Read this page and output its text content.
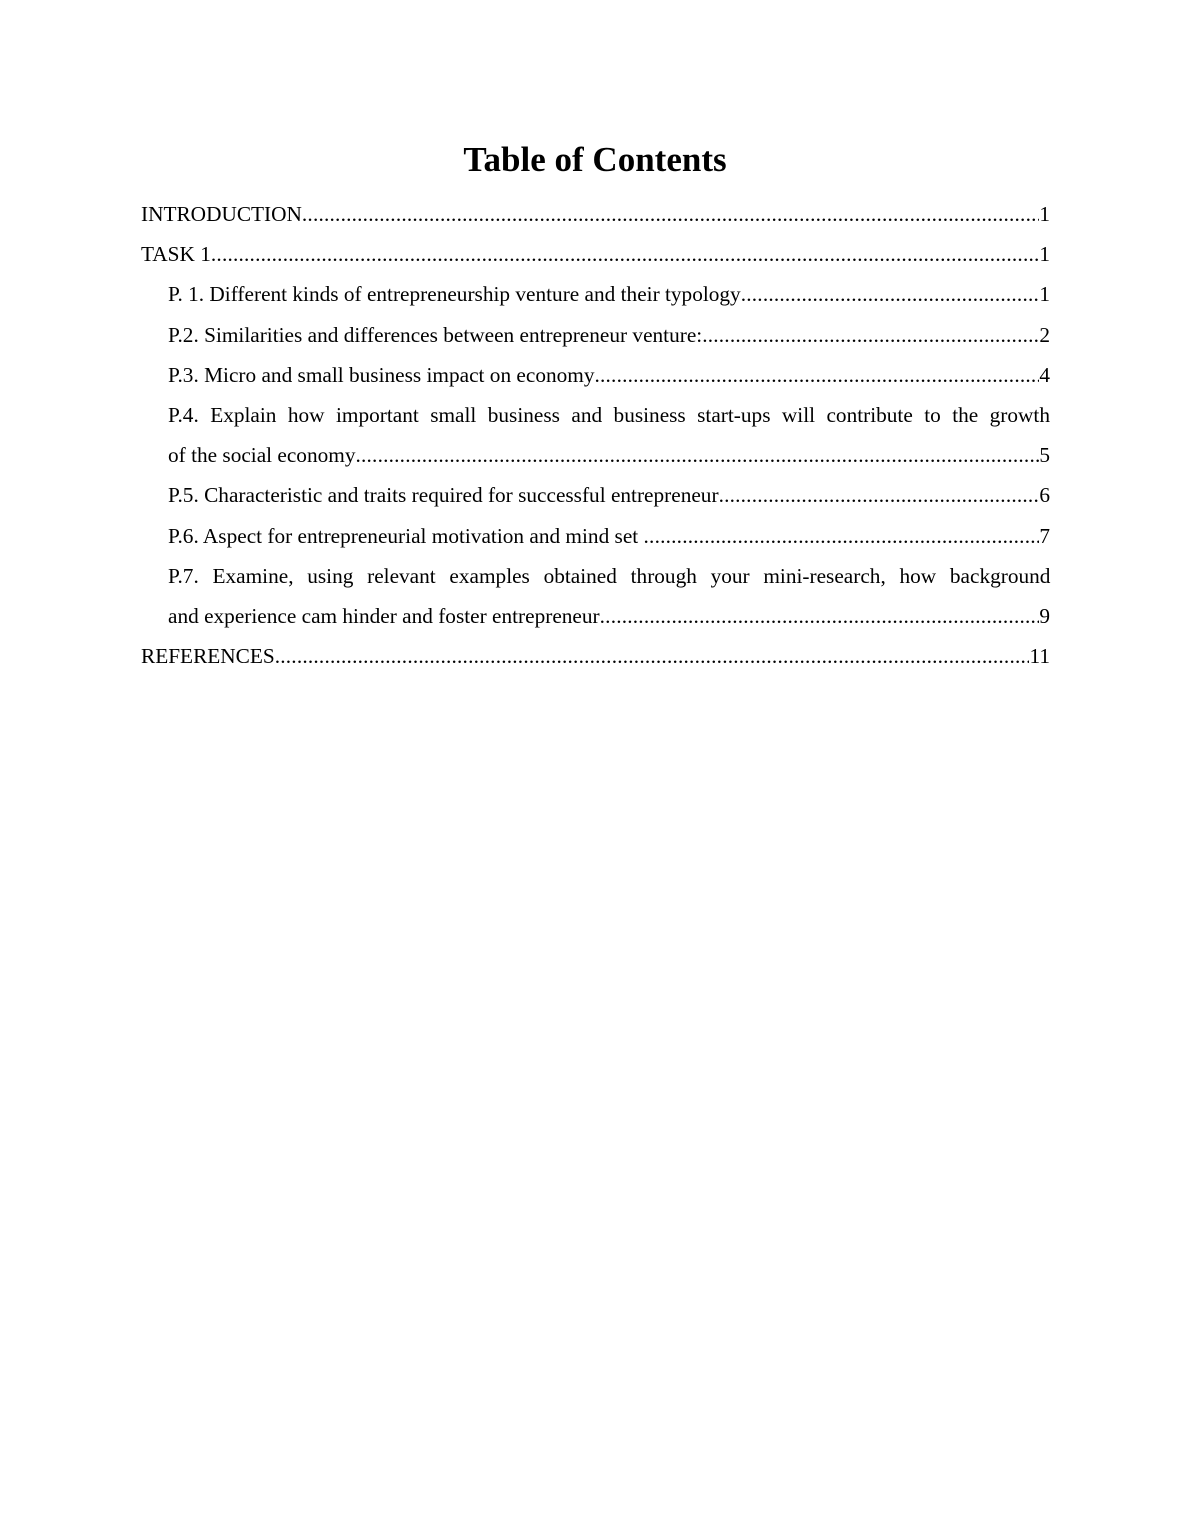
Table of Contents
INTRODUCTION .....	1
TASK 1 .....	1
P. 1. Different kinds of entrepreneurship venture and their typology .....	1
P.2. Similarities and differences between entrepreneur venture: .....	2
P.3. Micro and small business impact on economy .....	4
P.4. Explain how important small business and business start-ups will contribute to the growth
of the social economy .....	5
P.5. Characteristic and traits required for successful entrepreneur .....	6
P.6. Aspect for entrepreneurial motivation and mind set .....	7
P.7. Examine, using relevant examples obtained through your mini-research, how background
and experience cam hinder and foster entrepreneur .....	9
REFERENCES .....	11
